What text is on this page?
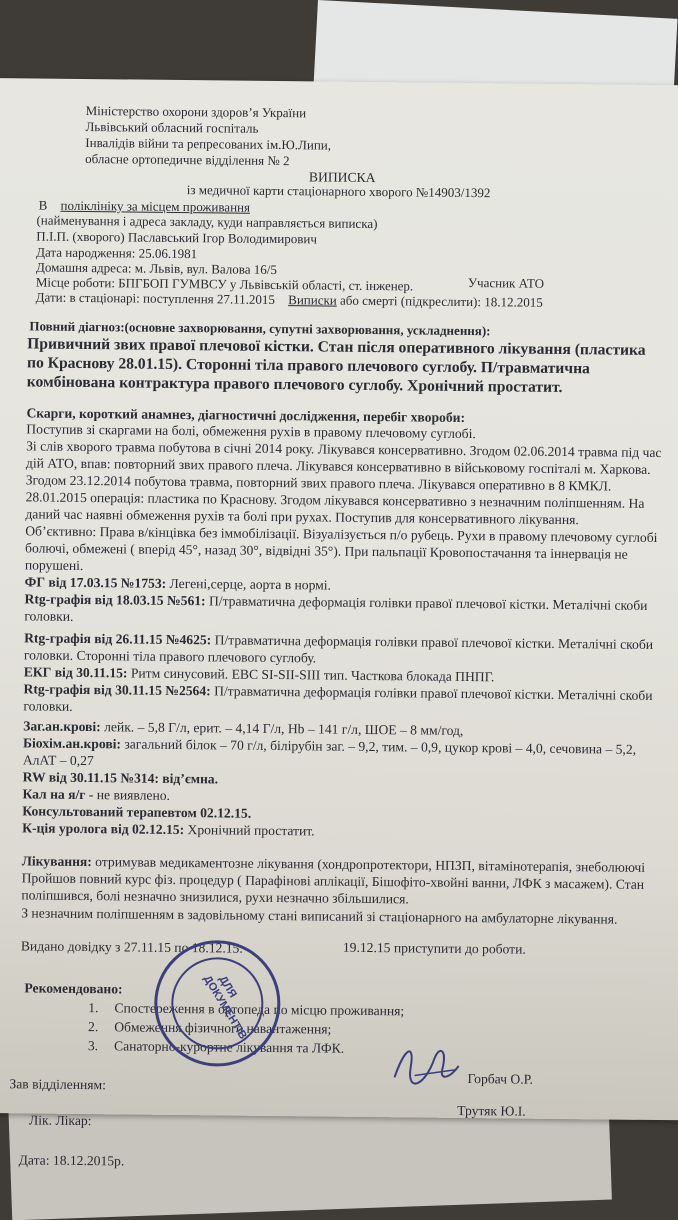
Міністерство охорони здоров’я України
Львівський обласний госпіталь
Інвалідів війни та репресованих ім.Ю.Липи,
обласне ортопедичне відділення № 2
ВИПИСКА
із медичної карти стаціонарного хворого №14903/1392
В поліклініку за місцем проживання
(найменування і адреса закладу, куди направляється виписка)
П.І.П. (хворого) Паславський Ігор Володимирович
Дата народження: 25.06.1981
Домашня адреса: м. Львів, вул. Валова 16/5
Місце роботи: БПГБОП ГУМВСУ у Львівській області, ст. інженер.	Учасник АТО
Дати: в стаціонарі: поступлення 27.11.2015 Виписки або смерті (підкреслити): 18.12.2015
Повний діагноз:(основне захворювання, супутні захворювання, ускладнення):
Привичний звих правої плечової кістки. Стан після оперативного лікування (пластика
по Краснову 28.01.15). Сторонні тіла правого плечового суглобу. П/травматична
комбінована контрактура правого плечового суглобу. Хронічний простатит.
Скарги, короткий анамнез, діагностичні дослідження, перебіг хвороби:
Поступив зі скаргами на болі, обмеження рухів в правому плечовому суглобі.
Зі слів хворого травма побутова в січні 2014 року. Лікувався консервативно. Згодом 02.06.2014 травма під час
дій АТО, впав: повторний звих правого плеча. Лікувався консервативно в військовому госпіталі м. Харкова.
Згодом 23.12.2014 побутова травма, повторний звих правого плеча. Лікувався оперативно в 8 КМКЛ.
28.01.2015 операція: пластика по Краснову. Згодом лікувався консервативно з незначним поліпшенням. На
даний час наявні обмеження рухів та болі при рухах. Поступив для консервативного лікування.
Об’єктивно: Права в/кінцівка без іммобілізації. Візуалізується п/о рубець. Рухи в правому плечовому суглобі
болючі, обмежені ( вперід 45°, назад 30°, відвідні 35°). При пальпації Кровопостачання та іннервація не
порушені.
ФГ від 17.03.15 №1753: Легені,серце, аорта в нормі.
Rtg-графія від 18.03.15 №561: П/травматична деформація голівки правої плечової кістки. Металічні скоби
головки.
Rtg-графія від 26.11.15 №4625: П/травматична деформація голівки правої плечової кістки. Металічні скоби
головки. Сторонні тіла правого плечового суглобу.
ЕКГ від 30.11.15: Ритм синусовий. ЕВС SI-SII-SIII тип. Часткова блокада ПНПГ.
Rtg-графія від 30.11.15 №2564: П/травматична деформація голівки правої плечової кістки. Металічні скоби
головки.
Заг.ан.крові: лейк. – 5,8 Г/л, ерит. – 4,14 Г/л, Hb – 141 г/л, ШОЕ – 8 мм/год,
Біохім.ан.крові: загальний білок – 70 г/л, білірубін заг. – 9,2, тим. – 0,9, цукор крові – 4,0, сечовина – 5,2,
АлАТ – 0,27
RW від 30.11.15 №314: від’ємна.
Кал на я/г - не виявлено.
Консультований терапевтом 02.12.15.
К-ція уролога від 02.12.15: Хронічний простатит.
Лікування: отримував медикаментозне лікування (хондропротектори, НПЗП, вітамінотерапія, знеболюючі
Пройшов повний курс фіз. процедур ( Парафінові аплікації, Бішофіто-хвойні ванни, ЛФК з масажем). Стан
поліпшився, болі незначно знизилися, рухи незначно збільшилися.
З незначним поліпшенням в задовільному стані виписаний зі стаціонарного на амбулаторне лікування.
Видано довідку з 27.11.15 по 18.12.15.	19.12.15 приступити до роботи.
Рекомендовано:
1. Спостереження в ортопеда по місцю проживання;
2. Обмеження фізичного навантаження;
3. Санаторно-курортне лікування та ЛФК.
Зав відділенням:	Горбач О.Р.
Лік. Лікар:
Трутяк Ю.І.
Дата: 18.12.2015р.
ДЛЯ ДОКУМЕНТІВ
